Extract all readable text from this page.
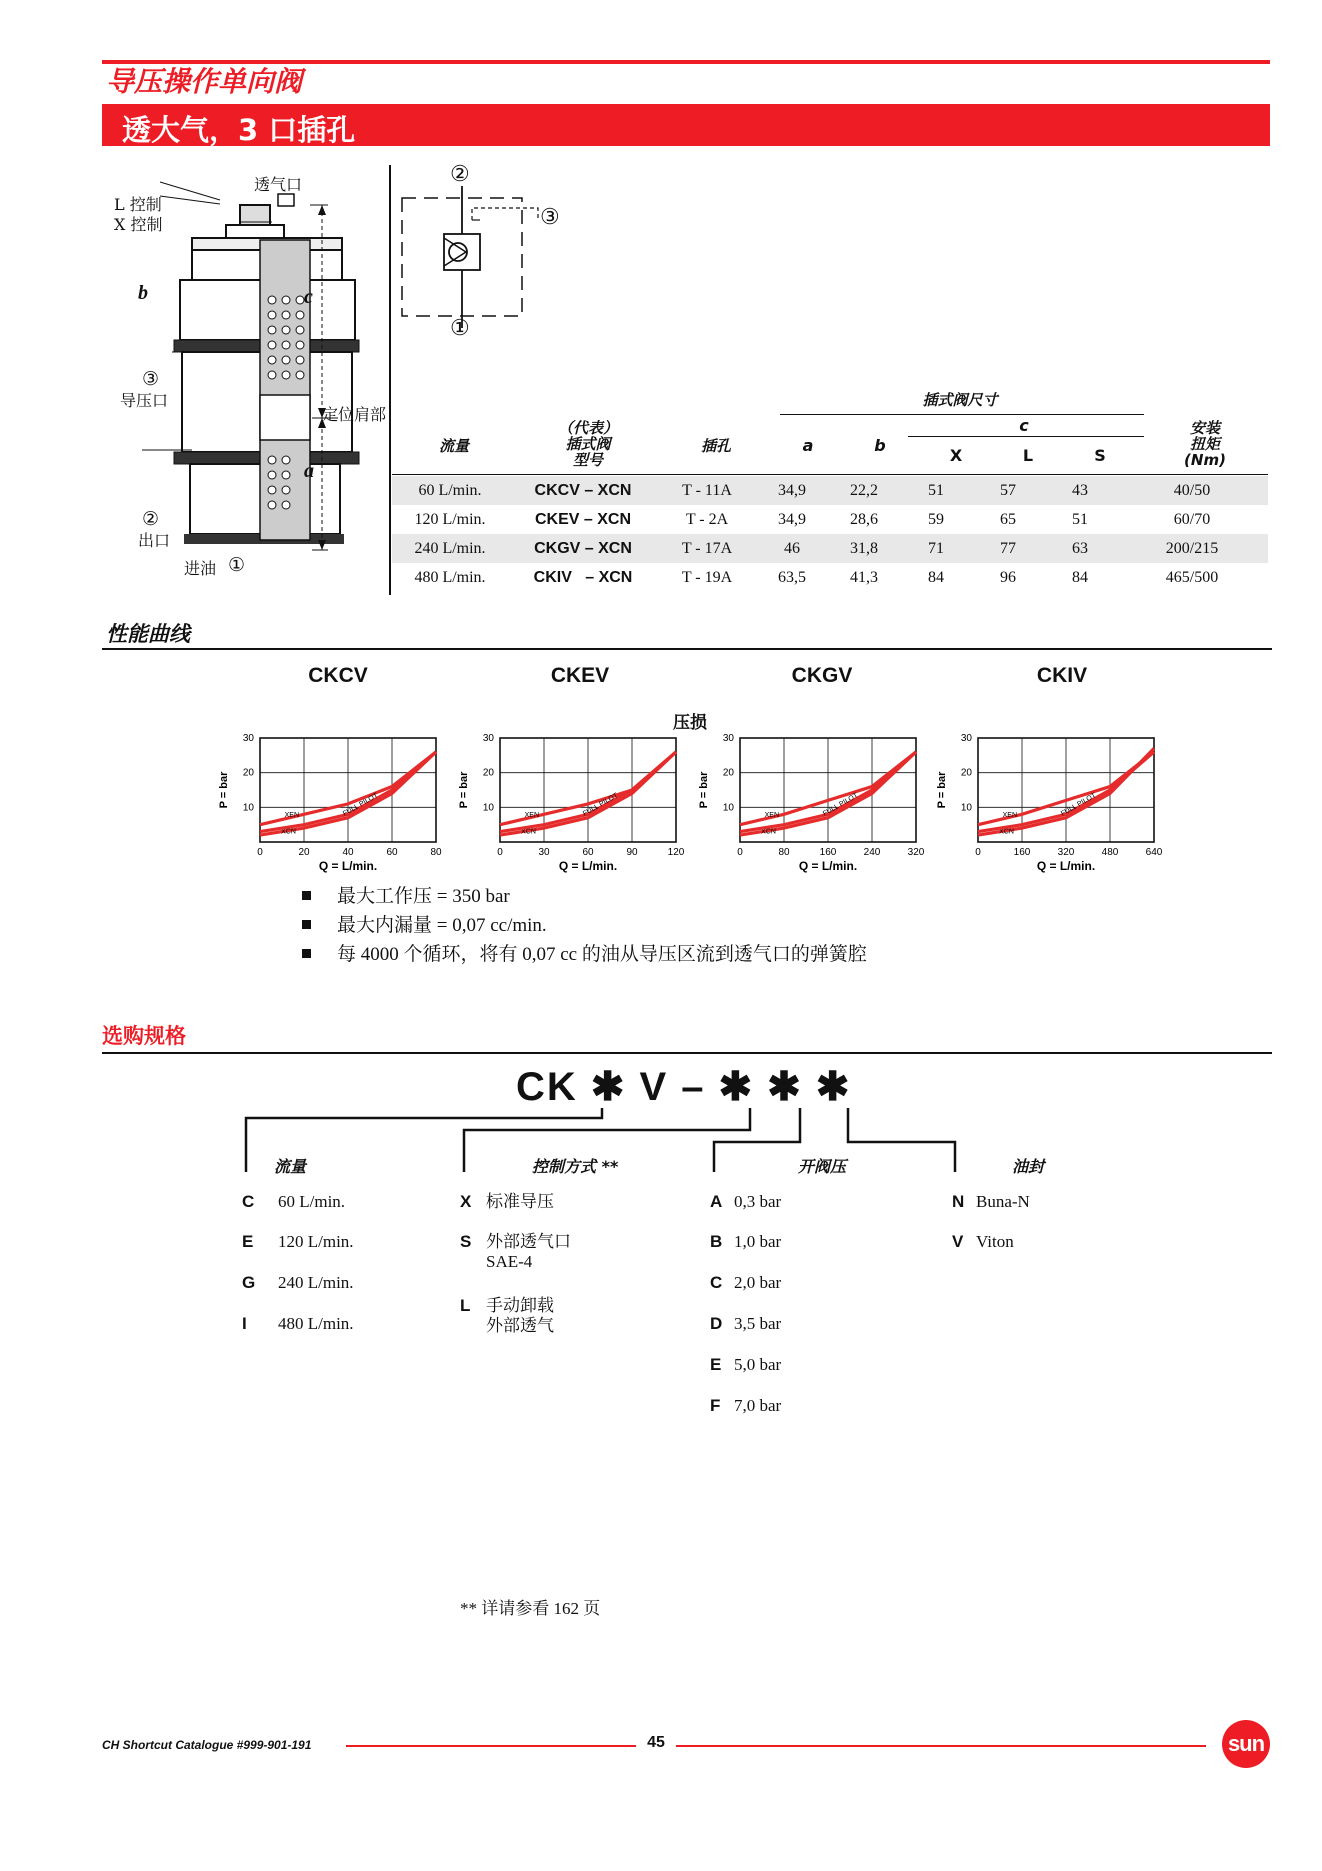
导压操作单向阀
透大气，3 口插孔
L 控制
X 控制
透气口
b	c
a
③
导压口
定位肩部
②
出口
进油 ①
②
③
①
插式阀尺寸
c
流量
（代表）
插式阀
型号
插孔	a	b
X	L	S
安装
扭矩
(Nm)
60 L/min.	CKCV – XCN	T - 11A	34,9	22,2	51	57	43	40/50
120 L/min.	CKEV – XCN	T - 2A	34,9	28,6	59	65	51	60/70
240 L/min.	CKGV – XCN	T - 17A	46	31,8	71	77	63	200/215
480 L/min.	CKIV   – XCN	T - 19A	63,5	41,3	84	96	84	465/500
性能曲线
压损
CKCV	CKEV	CKGV	CKIV
0	20	40	60	80
10
20
30
XEN
XCN
FULL PILOT
P = bar
Q = L/min.
0	30	60	90	120
10
20
30
XEN
XCN
FULL PILOT
P = bar
Q = L/min.
0	80	160	240	320
10
20
30
XEN
XCN
FULL PILOT
P = bar
Q = L/min.
0	160	320	480	640
10
20
30
XEN
XCN
FULL PILOT
P = bar
Q = L/min.
最大工作压 = 350 bar
最大内漏量 = 0,07 cc/min.
每 4000 个循环，将有 0,07 cc 的油从导压区流到透气口的弹簧腔
选购规格
CK ✱ V – ✱ ✱ ✱
流量	控制方式 **	开阀压	油封
C 60 L/min.
E 120 L/min.
G 240 L/min.
I 480 L/min.
X 标准导压
S 外部透气口
SAE-4
L 手动卸载
外部透气
A 0,3 bar
B 1,0 bar
C 2,0 bar
D 3,5 bar
E 5,0 bar
F 7,0 bar
N Buna-N
V Viton
** 详请参看 162 页
CH Shortcut Catalogue #999-901-191	45	sun
